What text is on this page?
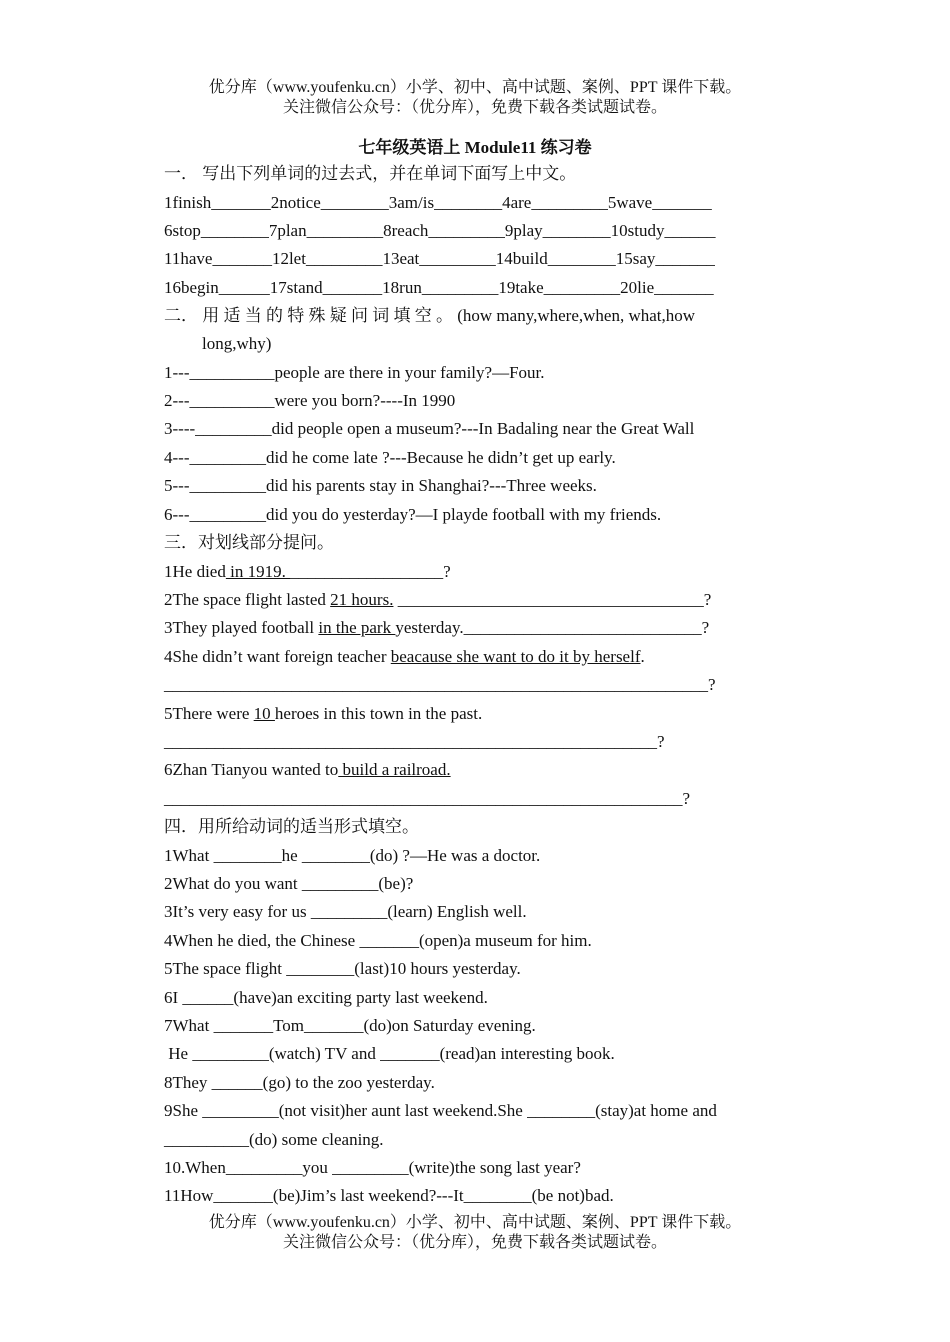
优分库（www.youfenku.cn）小学、初中、高中试题、案例、PPT 课件下载。
关注微信公众号：（优分库），免费下载各类试题试卷。
七年级英语上 Module11 练习卷
一． 写出下列单词的过去式，并在单词下面写上中文。
1finish_______2notice________3am/is________4are_________5wave_______
6stop________7plan_________8reach_________9play________10study______
11have_______12let_________13eat_________14build________15say_______
16begin______17stand_______18run_________19take_________20lie_______
二． 用 适 当 的 特 殊 疑 问 词 填 空 。 (how many,where,when, what,how
long,why)
1---__________people are there in your family?—Four.
2---__________were you born?----In 1990
3----_________did people open a museum?---In Badaling near the Great Wall
4---_________did he come late ?---Because he didn’t get up early.
5---_________did his parents stay in Shanghai?---Three weeks.
6---_________did you do yesterday?—I playde football with my friends.
三．对划线部分提问。
1He died in 1919. __________________?
2The space flight lasted 21 hours. ____________________________________?
3They played football in the park yesterday.____________________________?
4She didn’t want foreign teacher beacause she want to do it by herself.
________________________________________________________________?
5There were 10 heroes in this town in the past.
__________________________________________________________?
6Zhan Tianyou wanted to build a railroad.
_____________________________________________________________?
四．用所给动词的适当形式填空。
1What ________he ________(do) ?—He was a doctor.
2What do you want _________(be)?
3It’s very easy for us _________(learn) English well.
4When he died, the Chinese _______(open)a museum for him.
5The space flight ________(last)10 hours yesterday.
6I ______(have)an exciting party last weekend.
7What _______Tom_______(do)on Saturday evening.
He _________(watch) TV and _______(read)an interesting book.
8They ______(go) to the zoo yesterday.
9She _________(not visit)her aunt last weekend.She ________(stay)at home and
__________(do) some cleaning.
10.When_________you _________(write)the song last year?
11How_______(be)Jim’s last weekend?---It________(be not)bad.
优分库（www.youfenku.cn）小学、初中、高中试题、案例、PPT 课件下载。
关注微信公众号：（优分库），免费下载各类试题试卷。
